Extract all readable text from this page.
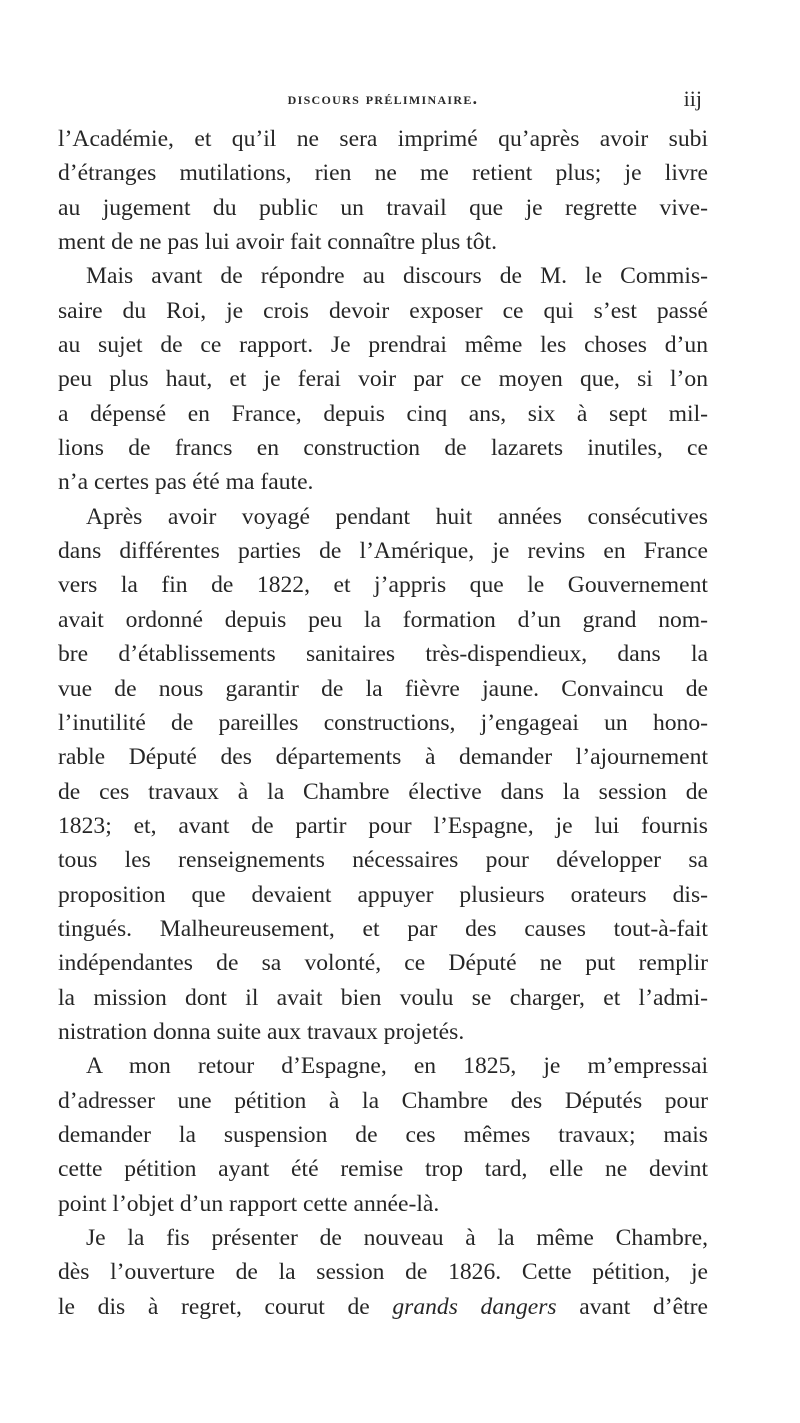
discours préliminaire.	iij
l’Académie, et qu’il ne sera imprimé qu’après avoir subi
d’étranges mutilations, rien ne me retient plus; je livre
au jugement du public un travail que je regrette vive-
ment de ne pas lui avoir fait connaître plus tôt.
Mais avant de répondre au discours de M. le Commis-
saire du Roi, je crois devoir exposer ce qui s’est passé
au sujet de ce rapport. Je prendrai même les choses d’un
peu plus haut, et je ferai voir par ce moyen que, si l’on
a dépensé en France, depuis cinq ans, six à sept mil-
lions de francs en construction de lazarets inutiles, ce
n’a certes pas été ma faute.
Après avoir voyagé pendant huit années consécutives
dans différentes parties de l’Amérique, je revins en France
vers la fin de 1822, et j’appris que le Gouvernement
avait ordonné depuis peu la formation d’un grand nom-
bre d’établissements sanitaires très-dispendieux, dans la
vue de nous garantir de la fièvre jaune. Convaincu de
l’inutilité de pareilles constructions, j’engageai un hono-
rable Député des départements à demander l’ajournement
de ces travaux à la Chambre élective dans la session de
1823; et, avant de partir pour l’Espagne, je lui fournis
tous les renseignements nécessaires pour développer sa
proposition que devaient appuyer plusieurs orateurs dis-
tingués. Malheureusement, et par des causes tout-à-fait
indépendantes de sa volonté, ce Député ne put remplir
la mission dont il avait bien voulu se charger, et l’admi-
nistration donna suite aux travaux projetés.
A mon retour d’Espagne, en 1825, je m’empressai
d’adresser une pétition à la Chambre des Députés pour
demander la suspension de ces mêmes travaux; mais
cette pétition ayant été remise trop tard, elle ne devint
point l’objet d’un rapport cette année-là.
Je la fis présenter de nouveau à la même Chambre,
dès l’ouverture de la session de 1826. Cette pétition, je
le dis à regret, courut de grands dangers avant d’être
